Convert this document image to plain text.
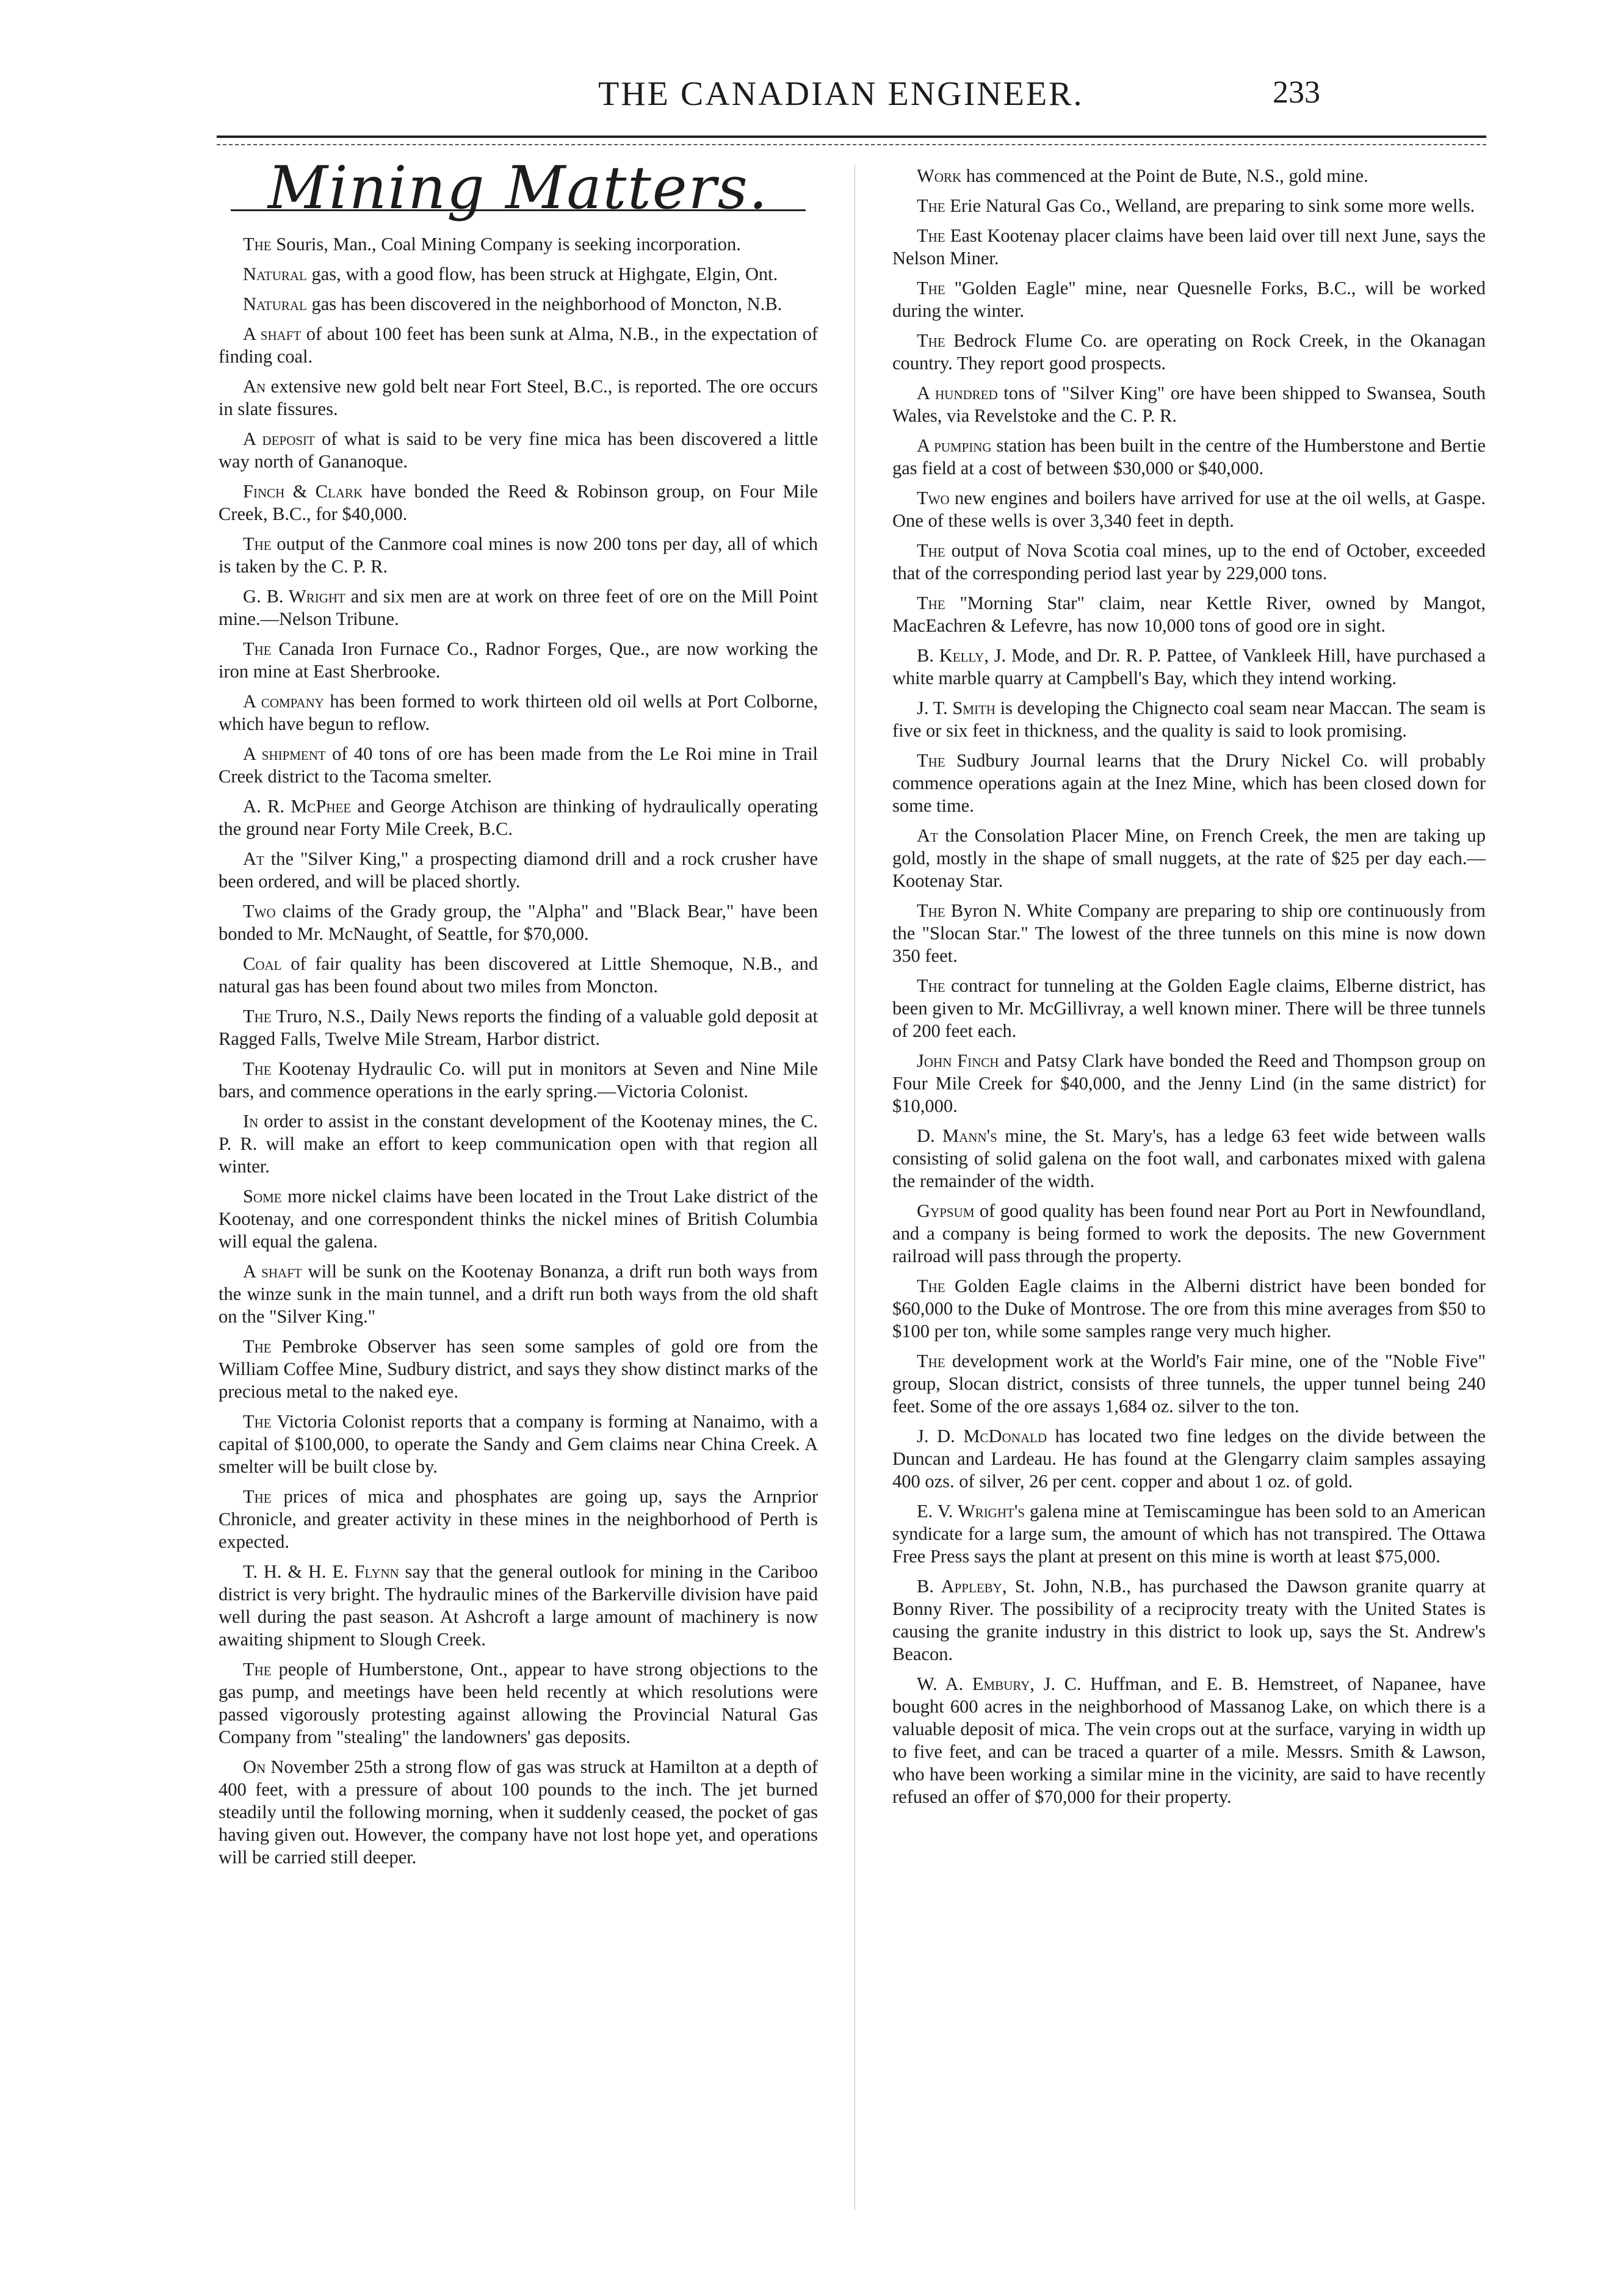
THE CANADIAN ENGINEER.	233
Mining Matters.

The Souris, Man., Coal Mining Company is seeking incorporation.

Natural gas, with a good flow, has been struck at Highgate, Elgin, Ont.

Natural gas has been discovered in the neighborhood of Moncton, N.B.

A shaft of about 100 feet has been sunk at Alma, N.B., in the expectation of finding coal.

An extensive new gold belt near Fort Steel, B.C., is reported. The ore occurs in slate fissures.

A deposit of what is said to be very fine mica has been discovered a little way north of Gananoque.

Finch & Clark have bonded the Reed & Robinson group, on Four Mile Creek, B.C., for $40,000.

The output of the Canmore coal mines is now 200 tons per day, all of which is taken by the C. P. R.

G. B. Wright and six men are at work on three feet of ore on the Mill Point mine.—Nelson Tribune.

The Canada Iron Furnace Co., Radnor Forges, Que., are now working the iron mine at East Sherbrooke.

A company has been formed to work thirteen old oil wells at Port Colborne, which have begun to reflow.

A shipment of 40 tons of ore has been made from the Le Roi mine in Trail Creek district to the Tacoma smelter.

A. R. McPhee and George Atchison are thinking of hydraulically operating the ground near Forty Mile Creek, B.C.

At the "Silver King," a prospecting diamond drill and a rock crusher have been ordered, and will be placed shortly.

Two claims of the Grady group, the "Alpha" and "Black Bear," have been bonded to Mr. McNaught, of Seattle, for $70,000.

Coal of fair quality has been discovered at Little Shemoque, N.B., and natural gas has been found about two miles from Moncton.

The Truro, N.S., Daily News reports the finding of a valuable gold deposit at Ragged Falls, Twelve Mile Stream, Harbor district.

The Kootenay Hydraulic Co. will put in monitors at Seven and Nine Mile bars, and commence operations in the early spring.—Victoria Colonist.

In order to assist in the constant development of the Kootenay mines, the C. P. R. will make an effort to keep communication open with that region all winter.

Some more nickel claims have been located in the Trout Lake district of the Kootenay, and one correspondent thinks the nickel mines of British Columbia will equal the galena.

A shaft will be sunk on the Kootenay Bonanza, a drift run both ways from the winze sunk in the main tunnel, and a drift run both ways from the old shaft on the "Silver King."

The Pembroke Observer has seen some samples of gold ore from the William Coffee Mine, Sudbury district, and says they show distinct marks of the precious metal to the naked eye.

The Victoria Colonist reports that a company is forming at Nanaimo, with a capital of $100,000, to operate the Sandy and Gem claims near China Creek. A smelter will be built close by.

The prices of mica and phosphates are going up, says the Arnprior Chronicle, and greater activity in these mines in the neighborhood of Perth is expected.

T. H. & H. E. Flynn say that the general outlook for mining in the Cariboo district is very bright. The hydraulic mines of the Barkerville division have paid well during the past season. At Ashcroft a large amount of machinery is now awaiting shipment to Slough Creek.

The people of Humberstone, Ont., appear to have strong objections to the gas pump, and meetings have been held recently at which resolutions were passed vigorously protesting against allowing the Provincial Natural Gas Company from "stealing" the landowners' gas deposits.

On November 25th a strong flow of gas was struck at Hamilton at a depth of 400 feet, with a pressure of about 100 pounds to the inch. The jet burned steadily until the following morning, when it suddenly ceased, the pocket of gas having given out. However, the company have not lost hope yet, and operations will be carried still deeper.

Work has commenced at the Point de Bute, N.S., gold mine.

The Erie Natural Gas Co., Welland, are preparing to sink some more wells.

The East Kootenay placer claims have been laid over till next June, says the Nelson Miner.

The "Golden Eagle" mine, near Quesnelle Forks, B.C., will be worked during the winter.

The Bedrock Flume Co. are operating on Rock Creek, in the Okanagan country. They report good prospects.

A hundred tons of "Silver King" ore have been shipped to Swansea, South Wales, via Revelstoke and the C. P. R.

A pumping station has been built in the centre of the Humberstone and Bertie gas field at a cost of between $30,000 or $40,000.

Two new engines and boilers have arrived for use at the oil wells, at Gaspe. One of these wells is over 3,340 feet in depth.

The output of Nova Scotia coal mines, up to the end of October, exceeded that of the corresponding period last year by 229,000 tons.

The "Morning Star" claim, near Kettle River, owned by Mangot, MacEachren & Lefevre, has now 10,000 tons of good ore in sight.

B. Kelly, J. Mode, and Dr. R. P. Pattee, of Vankleek Hill, have purchased a white marble quarry at Campbell's Bay, which they intend working.

J. T. Smith is developing the Chignecto coal seam near Maccan. The seam is five or six feet in thickness, and the quality is said to look promising.

The Sudbury Journal learns that the Drury Nickel Co. will probably commence operations again at the Inez Mine, which has been closed down for some time.

At the Consolation Placer Mine, on French Creek, the men are taking up gold, mostly in the shape of small nuggets, at the rate of $25 per day each.—Kootenay Star.

The Byron N. White Company are preparing to ship ore continuously from the "Slocan Star." The lowest of the three tunnels on this mine is now down 350 feet.

The contract for tunneling at the Golden Eagle claims, Elberne district, has been given to Mr. McGillivray, a well known miner. There will be three tunnels of 200 feet each.

John Finch and Patsy Clark have bonded the Reed and Thompson group on Four Mile Creek for $40,000, and the Jenny Lind (in the same district) for $10,000.

D. Mann's mine, the St. Mary's, has a ledge 63 feet wide between walls consisting of solid galena on the foot wall, and carbonates mixed with galena the remainder of the width.

Gypsum of good quality has been found near Port au Port in Newfoundland, and a company is being formed to work the deposits. The new Government railroad will pass through the property.

The Golden Eagle claims in the Alberni district have been bonded for $60,000 to the Duke of Montrose. The ore from this mine averages from $50 to $100 per ton, while some samples range very much higher.

The development work at the World's Fair mine, one of the "Noble Five" group, Slocan district, consists of three tunnels, the upper tunnel being 240 feet. Some of the ore assays 1,684 oz. silver to the ton.

J. D. McDonald has located two fine ledges on the divide between the Duncan and Lardeau. He has found at the Glengarry claim samples assaying 400 ozs. of silver, 26 per cent. copper and about 1 oz. of gold.

E. V. Wright's galena mine at Temiscamingue has been sold to an American syndicate for a large sum, the amount of which has not transpired. The Ottawa Free Press says the plant at present on this mine is worth at least $75,000.

B. Appleby, St. John, N.B., has purchased the Dawson granite quarry at Bonny River. The possibility of a reciprocity treaty with the United States is causing the granite industry in this district to look up, says the St. Andrew's Beacon.

W. A. Embury, J. C. Huffman, and E. B. Hemstreet, of Napanee, have bought 600 acres in the neighborhood of Massanog Lake, on which there is a valuable deposit of mica. The vein crops out at the surface, varying in width up to five feet, and can be traced a quarter of a mile. Messrs. Smith & Lawson, who have been working a similar mine in the vicinity, are said to have recently refused an offer of $70,000 for their property.
